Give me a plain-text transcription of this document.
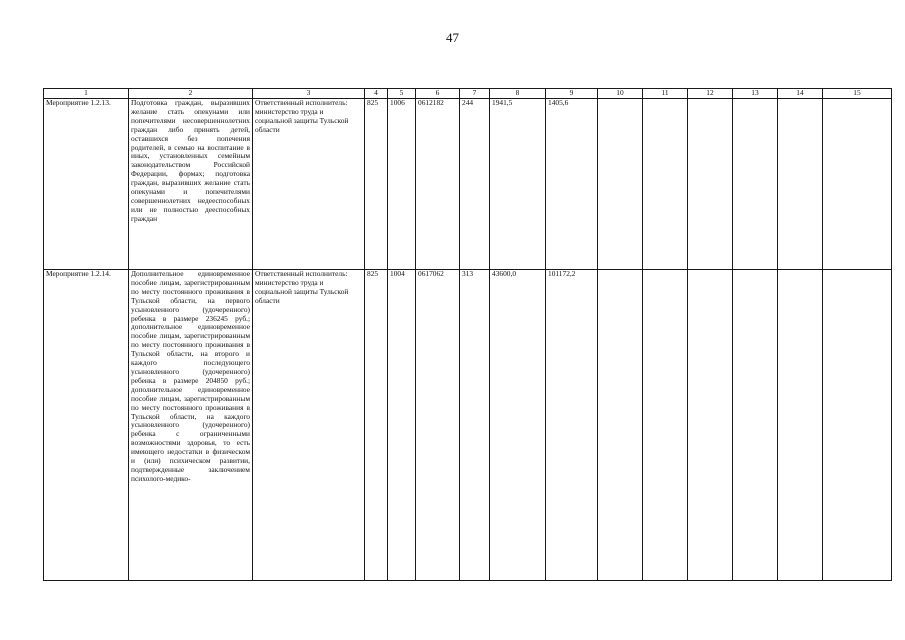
47
1	2	3	4	5	6	7	8	9	10	11	12	13	14	15
Мероприятие 1.2.13.	Подготовка граждан, выразивших желание стать опекунами или попечителями несовершеннолетних граждан либо принять детей, оставшихся без попечения родителей, в семью на воспитание в иных, установленных семейным законодательством Российской Федерации, формах; подготовка граждан, выразивших желание стать опекунами и попечителями совершеннолетних недееспособных или не полностью дееспособных граждан	Ответственный исполнитель: министерство труда и социальной защиты Тульской области	825	1006	0612182	244	1941,5	1405,6						
Мероприятие 1.2.14.	Дополнительное единовременное пособие лицам, зарегистрированным по месту постоянного проживания в Тульской области, на первого усыновленного (удочеренного) ребенка в размере 236245 руб.; дополнительное единовременное пособие лицам, зарегистрированным по месту постоянного проживания в Тульской области, на второго и каждого последующего усыновленного (удочеренного) ребенка в размере 204850 руб.; дополнительное единовременное пособие лицам, зарегистрированным по месту постоянного проживания в Тульской области, на каждого усыновленного (удочеренного) ребенка с ограниченными возможностями здоровья, то есть имеющего недостатки в физическом и (или) психическом развитии, подтвержденные заключением психолого-медико-	Ответственный исполнитель: министерство труда и социальной защиты Тульской области	825	1004	0617062	313	43600,0	101172,2						
